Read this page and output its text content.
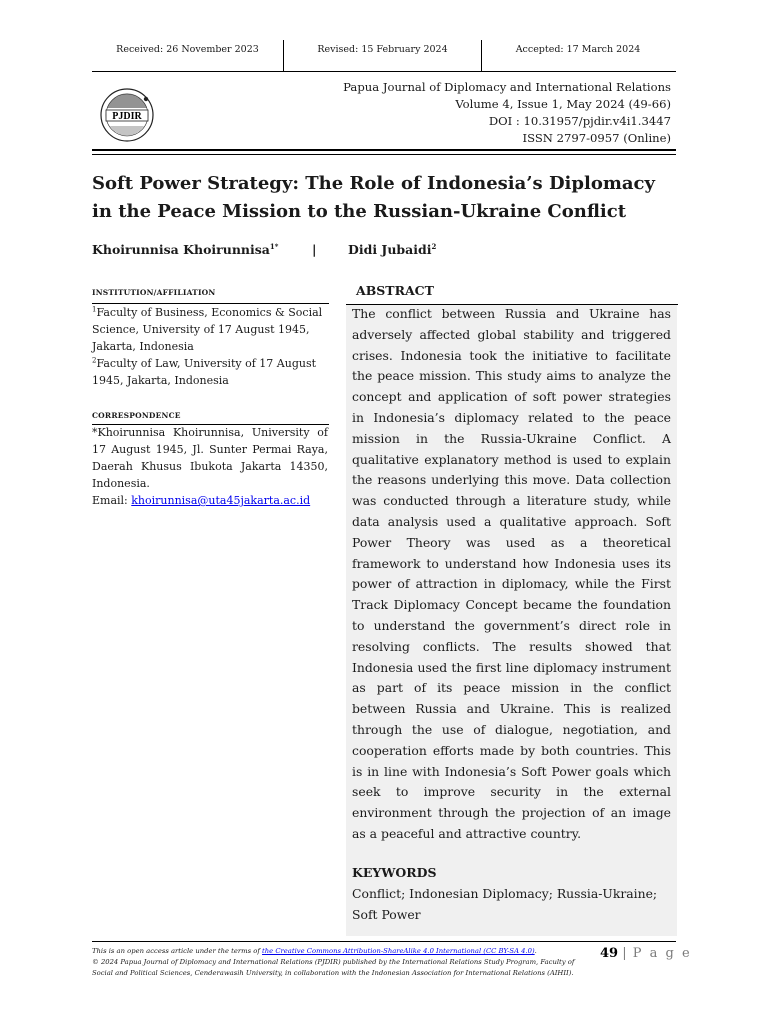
Received: 26 November 2023	Revised: 15 February 2024	Accepted: 17 March 2024
PJDIR
Papua Journal of Diplomacy and International Relations
Volume 4, Issue 1, May 2024 (49-66)
DOI : 10.31957/pjdir.v4i1.3447
ISSN 2797-0957 (Online)
Soft Power Strategy: The Role of Indonesia’s Diplomacy in the Peace Mission to the Russian-Ukraine Conflict
Khoirunnisa Khoirunnisa$^{1*}$	|	Didi Jubaidi$^2$
INSTITUTION/AFFILIATION
$^1$Faculty of Business, Economics & Social Science, University of 17 August 1945, Jakarta, Indonesia
$^2$Faculty of Law, University of 17 August 1945, Jakarta, Indonesia
CORRESPONDENCE
*Khoirunnisa Khoirunnisa, University of 17 August 1945, Jl. Sunter Permai Raya, Daerah Khusus Ibukota Jakarta 14350, Indonesia.
Email: khoirunnisa@uta45jakarta.ac.id
ABSTRACT
The conflict between Russia and Ukraine has adversely affected global stability and triggered crises. Indonesia took the initiative to facilitate the peace mission. This study aims to analyze the concept and application of soft power strategies in Indonesia’s diplomacy related to the peace mission in the Russia-Ukraine Conflict. A qualitative explanatory method is used to explain the reasons underlying this move. Data collection was conducted through a literature study, while data analysis used a qualitative approach. Soft Power Theory was used as a theoretical framework to understand how Indonesia uses its power of attraction in diplomacy, while the First Track Diplomacy Concept became the foundation to understand the government’s direct role in resolving conflicts. The results showed that Indonesia used the first line diplomacy instrument as part of its peace mission in the conflict between Russia and Ukraine. This is realized through the use of dialogue, negotiation, and cooperation efforts made by both countries. This is in line with Indonesia’s Soft Power goals which seek to improve security in the external environment through the projection of an image as a peaceful and attractive country.
KEYWORDS
Conflict; Indonesian Diplomacy; Russia-Ukraine; Soft Power
This is an open access article under the terms of the Creative Commons Attribution-ShareAlike 4.0 International (CC BY-SA 4.0).
© 2024 Papua Journal of Diplomacy and International Relations (PJDIR) published by the International Relations Study Program, Faculty of Social and Political Sciences, Cenderawasih University, in collaboration with the Indonesian Association for International Relations (AIHII).
49 | P a g e
